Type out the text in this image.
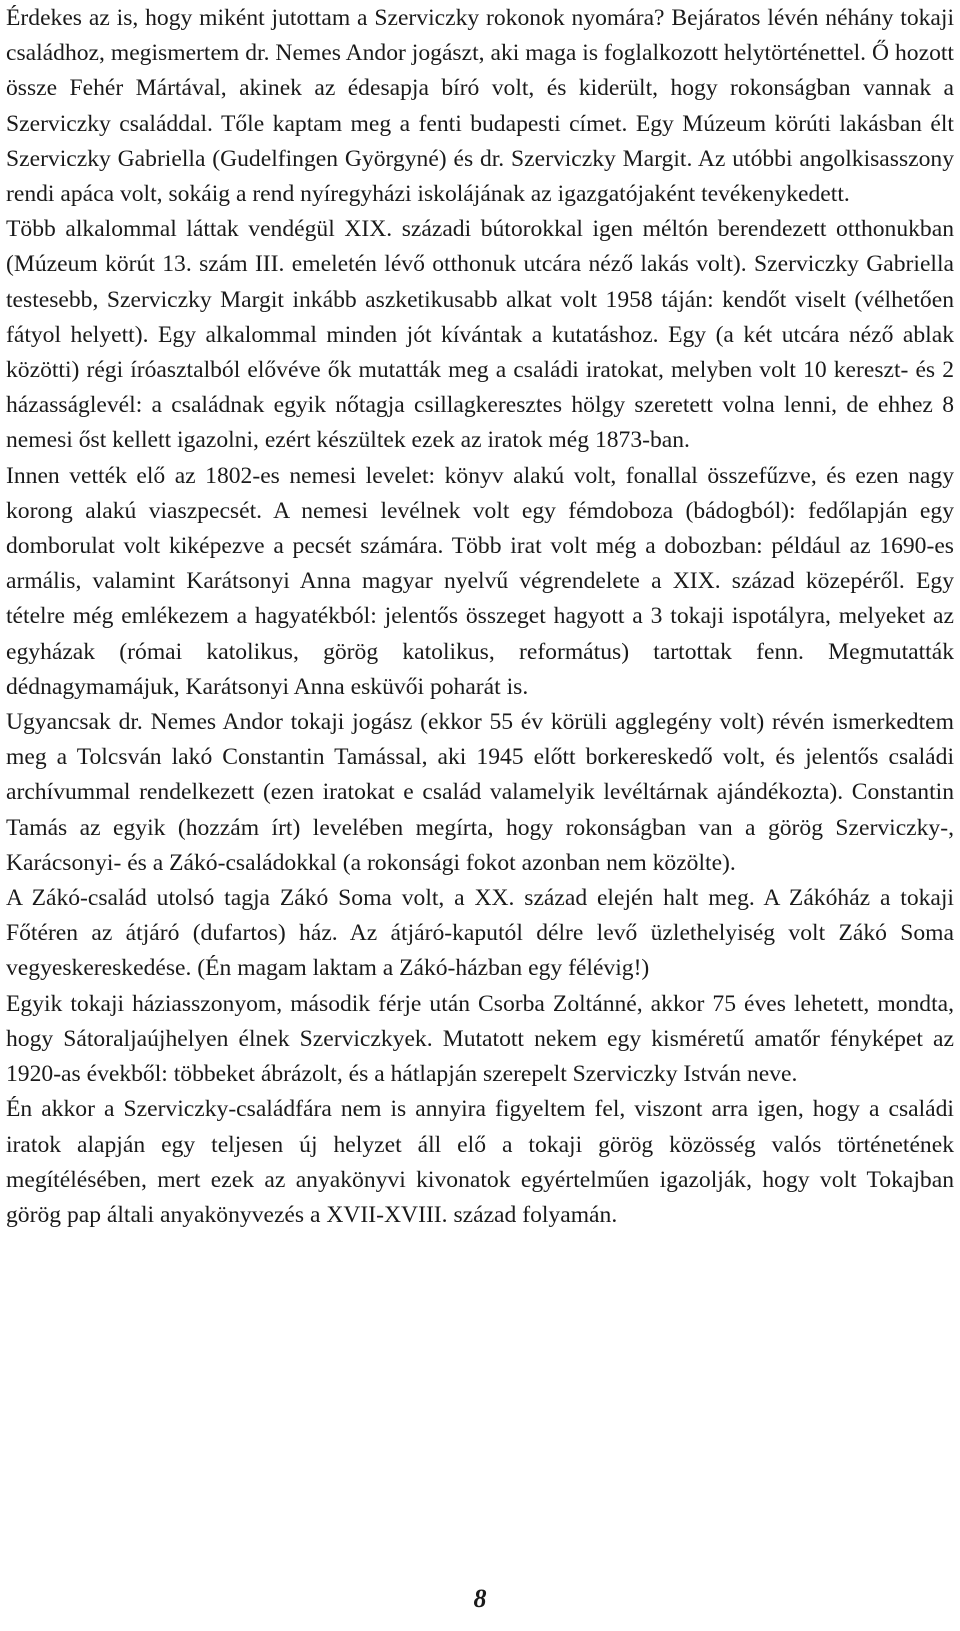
Érdekes az is, hogy miként jutottam a Szerviczky rokonok nyomára? Bejáratos lévén néhány tokaji családhoz, megismertem dr. Nemes Andor jogászt, aki maga is foglalkozott helytörténettel. Ő hozott össze Fehér Mártával, akinek az édesapja bíró volt, és kiderült, hogy rokonságban vannak a Szerviczky családdal. Tőle kaptam meg a fenti budapesti címet. Egy Múzeum körúti lakásban élt Szerviczky Gabriella (Gudelfingen Györgyné) és dr. Szerviczky Margit. Az utóbbi angolkisasszony rendi apáca volt, sokáig a rend nyíregyházi iskolájának az igazgatójaként tevékenykedett.

Több alkalommal láttak vendégül XIX. századi bútorokkal igen méltón berendezett otthonukban (Múzeum körút 13. szám III. emeletén lévő otthonuk utcára néző lakás volt). Szerviczky Gabriella testesebb, Szerviczky Margit inkább aszketikusabb alkat volt 1958 táján: kendőt viselt (vélhetően fátyol helyett). Egy alkalommal minden jót kívántak a kutatáshoz. Egy (a két utcára néző ablak közötti) régi íróasztalból elővéve ők mutatták meg a családi iratokat, melyben volt 10 kereszt- és 2 házasságlevél: a családnak egyik nőtagja csillagkeresztes hölgy szeretett volna lenni, de ehhez 8 nemesi őst kellett igazolni, ezért készültek ezek az iratok még 1873-ban.

Innen vették elő az 1802-es nemesi levelet: könyv alakú volt, fonallal összefűzve, és ezen nagy korong alakú viaszpecsét. A nemesi levélnek volt egy fémdoboza (bádogból): fedőlapján egy domborulat volt kiképezve a pecsét számára. Több irat volt még a dobozban: például az 1690-es armális, valamint Karátsonyi Anna magyar nyelvű végrendelete a XIX. század közepéről. Egy tételre még emlékezem a hagyatékból: jelentős összeget hagyott a 3 tokaji ispotályra, melyeket az egyházak (római katolikus, görög katolikus, református) tartottak fenn. Megmutatták dédnagymamájuk, Karátsonyi Anna esküvői poharát is.

Ugyancsak dr. Nemes Andor tokaji jogász (ekkor 55 év körüli agglegény volt) révén ismerkedtem meg a Tolcsván lakó Constantin Tamással, aki 1945 előtt borkereskedő volt, és jelentős családi archívummal rendelkezett (ezen iratokat e család valamelyik levéltárnak ajándékozta). Constantin Tamás az egyik (hozzám írt) levelében megírta, hogy rokonságban van a görög Szerviczky-, Karácsonyi- és a Zákó-családokkal (a rokonsági fokot azonban nem közölte).

A Zákó-család utolsó tagja Zákó Soma volt, a XX. század elején halt meg. A Zákóház a tokaji Főtéren az átjáró (dufartos) ház. Az átjáró-kaputól délre levő üzlethelyiség volt Zákó Soma vegyeskereskedése. (Én magam laktam a Zákó-házban egy félévig!)

Egyik tokaji háziasszonyom, második férje után Csorba Zoltánné, akkor 75 éves lehetett, mondta, hogy Sátoraljaújhelyen élnek Szerviczkyek. Mutatott nekem egy kisméretű amatőr fényképet az 1920-as évekből: többeket ábrázolt, és a hátlapján szerepelt Szerviczky István neve.

Én akkor a Szerviczky-családfára nem is annyira figyeltem fel, viszont arra igen, hogy a családi iratok alapján egy teljesen új helyzet áll elő a tokaji görög közösség valós történetének megítélésében, mert ezek az anyakönyvi kivonatok egyértelműen igazolják, hogy volt Tokajban görög pap általi anyakönyvezés a XVII-XVIII. század folyamán.

8
